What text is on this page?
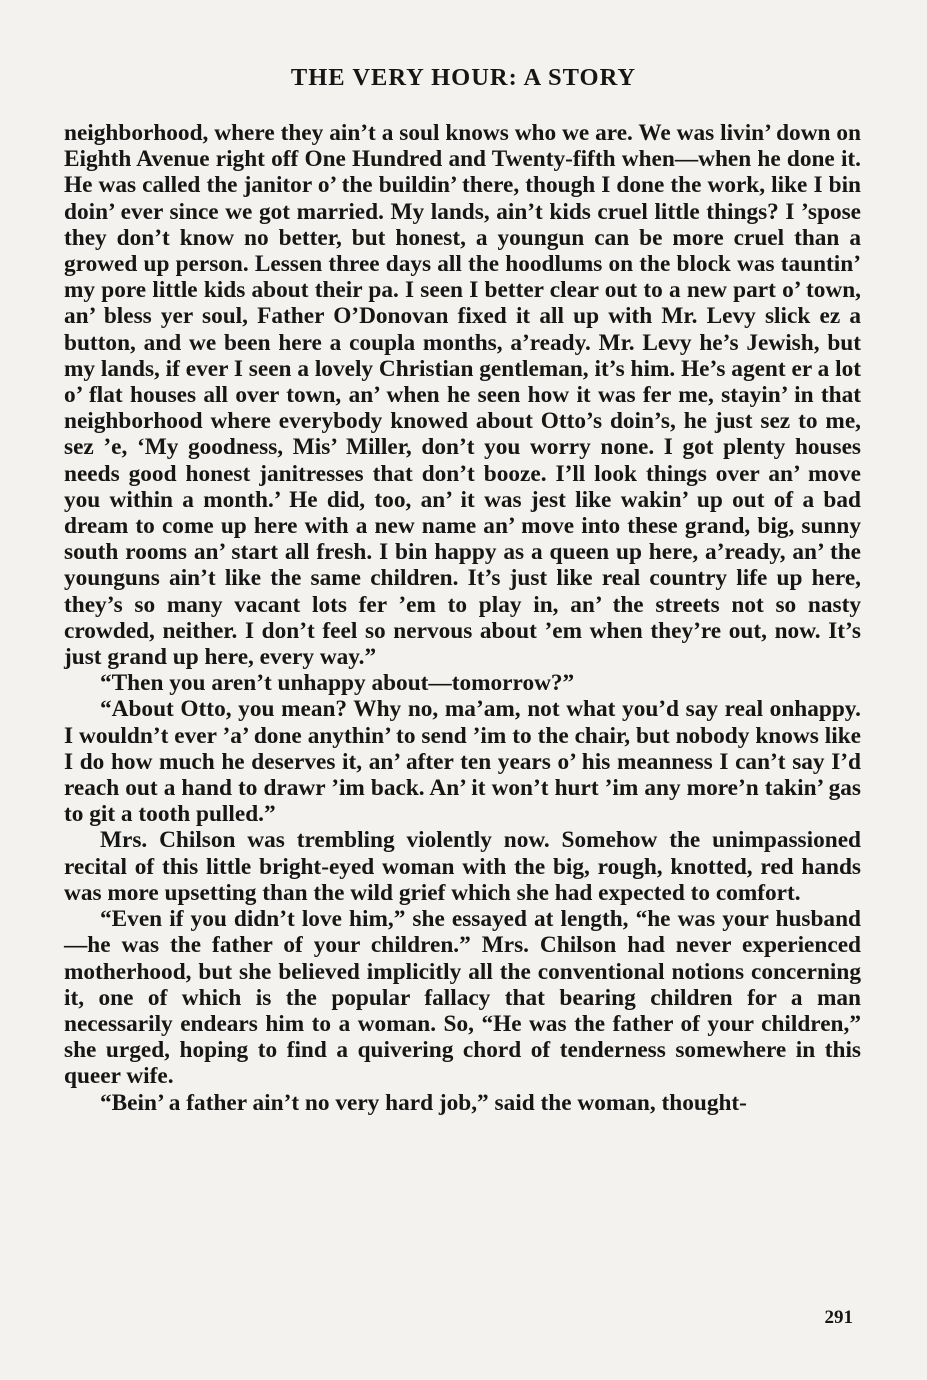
THE VERY HOUR: A STORY

neighborhood, where they ain’t a soul knows who we are. We was livin’ down on Eighth Avenue right off One Hundred and Twenty-fifth when—when he done it. He was called the janitor o’ the buildin’ there, though I done the work, like I bin doin’ ever since we got married. My lands, ain’t kids cruel little things? I ’spose they don’t know no better, but honest, a youngun can be more cruel than a growed up person. Lessen three days all the hoodlums on the block was tauntin’ my pore little kids about their pa. I seen I better clear out to a new part o’ town, an’ bless yer soul, Father O’Donovan fixed it all up with Mr. Levy slick ez a button, and we been here a coupla months, a’ready. Mr. Levy he’s Jewish, but my lands, if ever I seen a lovely Christian gentleman, it’s him. He’s agent er a lot o’ flat houses all over town, an’ when he seen how it was fer me, stayin’ in that neighborhood where everybody knowed about Otto’s doin’s, he just sez to me, sez ’e, ‘My goodness, Mis’ Miller, don’t you worry none. I got plenty houses needs good honest janitresses that don’t booze. I’ll look things over an’ move you within a month.’ He did, too, an’ it was jest like wakin’ up out of a bad dream to come up here with a new name an’ move into these grand, big, sunny south rooms an’ start all fresh. I bin happy as a queen up here, a’ready, an’ the younguns ain’t like the same children. It’s just like real country life up here, they’s so many vacant lots fer ’em to play in, an’ the streets not so nasty crowded, neither. I don’t feel so nervous about ’em when they’re out, now. It’s just grand up here, every way.”

“Then you aren’t unhappy about—tomorrow?”

“About Otto, you mean? Why no, ma’am, not what you’d say real onhappy. I wouldn’t ever ’a’ done anythin’ to send ’im to the chair, but nobody knows like I do how much he deserves it, an’ after ten years o’ his meanness I can’t say I’d reach out a hand to drawr ’im back. An’ it won’t hurt ’im any more’n takin’ gas to git a tooth pulled.”

Mrs. Chilson was trembling violently now. Somehow the unimpassioned recital of this little bright-eyed woman with the big, rough, knotted, red hands was more upsetting than the wild grief which she had expected to comfort.

“Even if you didn’t love him,” she essayed at length, “he was your husband—he was the father of your children.” Mrs. Chilson had never experienced motherhood, but she believed implicitly all the conventional notions concerning it, one of which is the popular fallacy that bearing children for a man necessarily endears him to a woman. So, “He was the father of your children,” she urged, hoping to find a quivering chord of tenderness somewhere in this queer wife.

“Bein’ a father ain’t no very hard job,” said the woman, thought-

291
